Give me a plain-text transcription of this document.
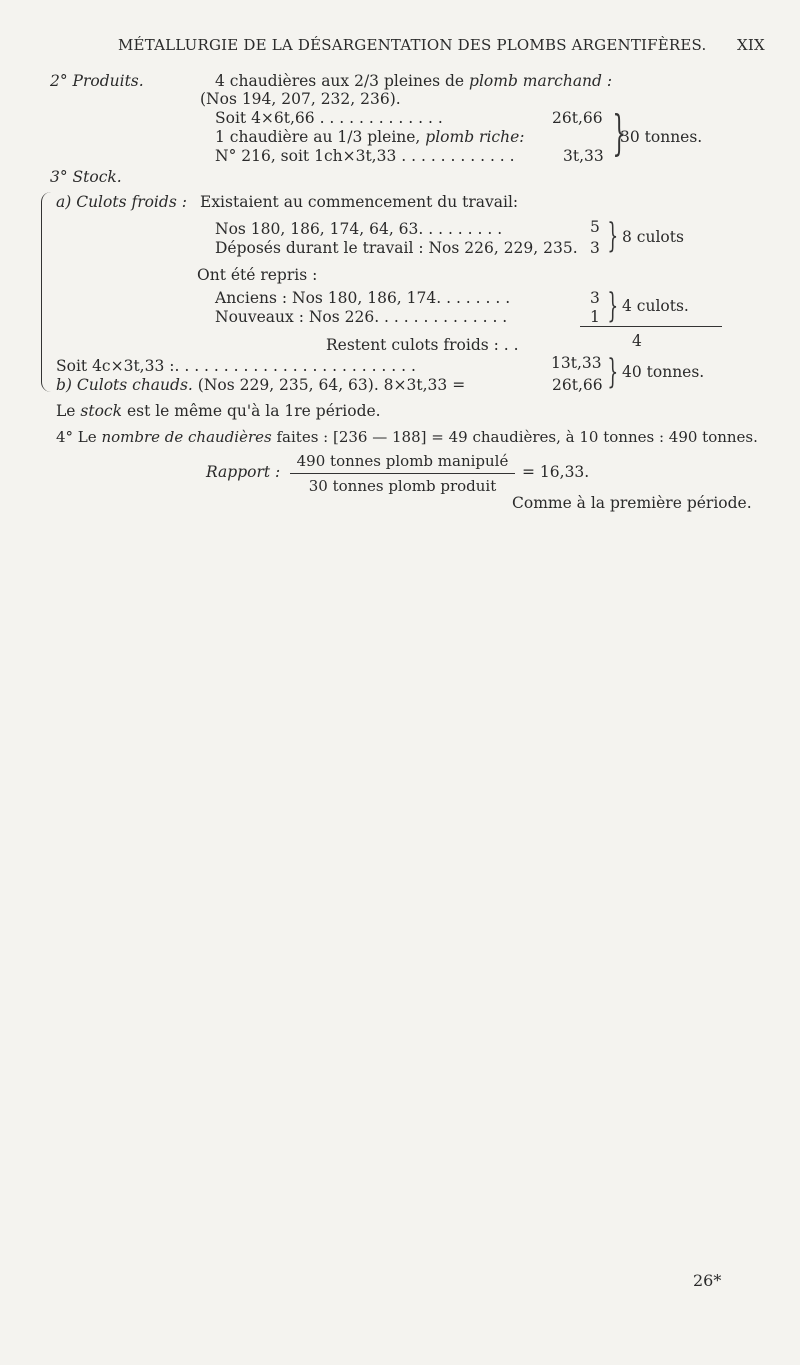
MÉTALLURGIE DE LA DÉSARGENTATION DES PLOMBS ARGENTIFÈRES. XIX
2° Produits.	4 chaudières aux 2/3 pleines de plomb marchand :
(Nos 194, 207, 232, 236).
Soit 4×6t,66 . . . . . . . . . . . . .	26t,66
1 chaudière au 1/3 pleine, plomb riche:
N° 216, soit 1ch×3t,33 . . . . . . . . . . . .	3t,33 }
30 tonnes.
3° Stock.
a) Culots froids : Existaient au commencement du travail:
Nos 180, 186, 174, 64, 63. . . . . . . . .	5
Déposés durant le travail : Nos 226, 229, 235. 3 } 8 culots
Ont été repris :
Anciens : Nos 180, 186, 174. . . . . . . .	3
Nouveaux : Nos 226. . . . . . . . . . . . . .	1 } 4 culots.
Restent culots froids : . .	4
Soit 4c×3t,33 :. . . . . . . . . . . . . . . . . . . . . . . . .	13t,33
b) Culots chauds. (Nos 229, 235, 64, 63). 8×3t,33 =	26t,66 } 40 tonnes.
Le stock est le même qu'à la 1re période.
4° Le nombre de chaudières faites : [236 — 188] = 49 chaudières, à 10 tonnes : 490 tonnes.
Rapport :
490 tonnes plomb manipulé
30 tonnes plomb produit
= 16,33.
Comme à la première période.
26*
